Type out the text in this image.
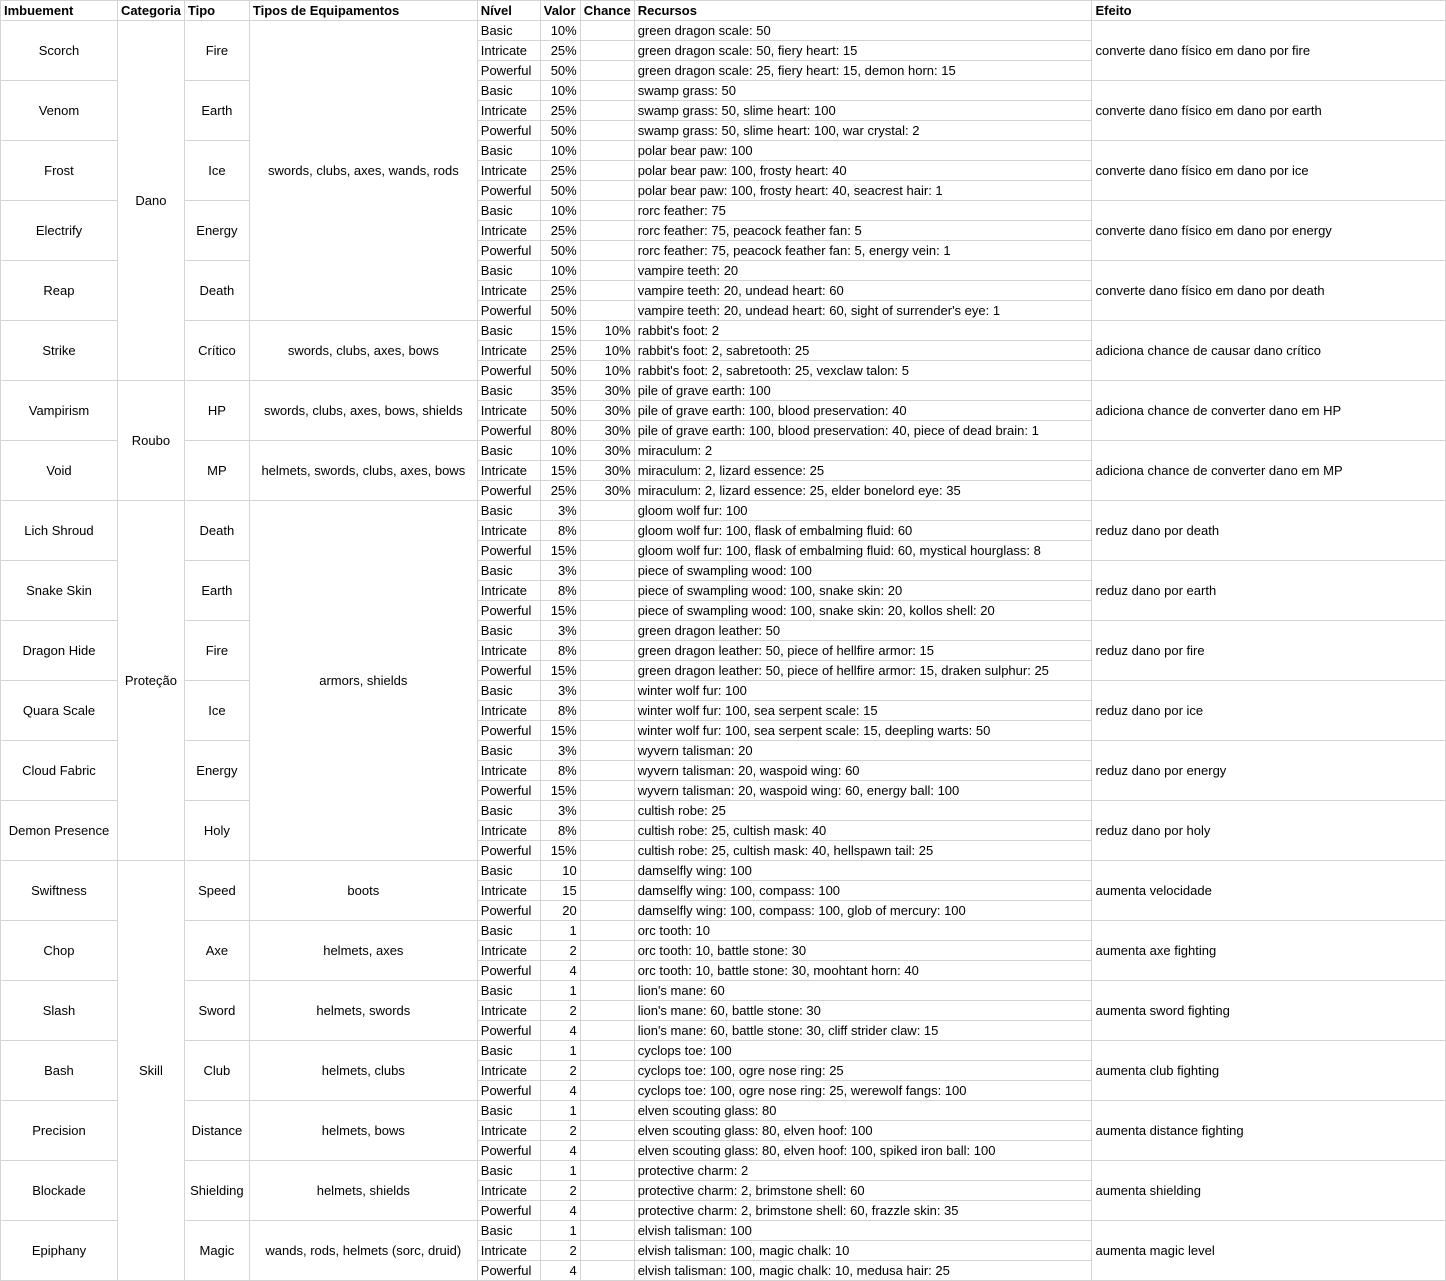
Imbuement	Categoria	Tipo	Tipos de Equipamentos	Nível	Valor	Chance	Recursos	Efeito
Scorch	Dano	Fire	swords, clubs, axes, wands, rods	Basic	10%		green dragon scale: 50	converte dano físico em dano por fire
				Intricate	25%		green dragon scale: 50, fiery heart: 15	
				Powerful	50%		green dragon scale: 25, fiery heart: 15, demon horn: 15	
Venom		Earth		Basic	10%		swamp grass: 50	converte dano físico em dano por earth
				Intricate	25%		swamp grass: 50, slime heart: 100	
				Powerful	50%		swamp grass: 50, slime heart: 100, war crystal: 2	
Frost		Ice		Basic	10%		polar bear paw: 100	converte dano físico em dano por ice
				Intricate	25%		polar bear paw: 100, frosty heart: 40	
				Powerful	50%		polar bear paw: 100, frosty heart: 40, seacrest hair: 1	
Electrify		Energy		Basic	10%		rorc feather: 75	converte dano físico em dano por energy
				Intricate	25%		rorc feather: 75, peacock feather fan: 5	
				Powerful	50%		rorc feather: 75, peacock feather fan: 5, energy vein: 1	
Reap		Death		Basic	10%		vampire teeth: 20	converte dano físico em dano por death
				Intricate	25%		vampire teeth: 20, undead heart: 60	
				Powerful	50%		vampire teeth: 20, undead heart: 60, sight of surrender's eye: 1	
Strike		Crítico	swords, clubs, axes, bows	Basic	15%	10%	rabbit's foot: 2	adiciona chance de causar dano crítico
				Intricate	25%	10%	rabbit's foot: 2, sabretooth: 25	
				Powerful	50%	10%	rabbit's foot: 2, sabretooth: 25, vexclaw talon: 5	
Vampirism	Roubo	HP	swords, clubs, axes, bows, shields	Basic	35%	30%	pile of grave earth: 100	adiciona chance de converter dano em HP
				Intricate	50%	30%	pile of grave earth: 100, blood preservation: 40	
				Powerful	80%	30%	pile of grave earth: 100, blood preservation: 40, piece of dead brain: 1	
Void		MP	helmets, swords, clubs, axes, bows	Basic	10%	30%	miraculum: 2	adiciona chance de converter dano em MP
				Intricate	15%	30%	miraculum: 2, lizard essence: 25	
				Powerful	25%	30%	miraculum: 2, lizard essence: 25, elder bonelord eye: 35	
Lich Shroud	Proteção	Death	armors, shields	Basic	3%		gloom wolf fur: 100	reduz dano por death
				Intricate	8%		gloom wolf fur: 100, flask of embalming fluid: 60	
				Powerful	15%		gloom wolf fur: 100, flask of embalming fluid: 60, mystical hourglass: 8	
Snake Skin		Earth		Basic	3%		piece of swampling wood: 100	reduz dano por earth
				Intricate	8%		piece of swampling wood: 100, snake skin: 20	
				Powerful	15%		piece of swampling wood: 100, snake skin: 20, kollos shell: 20	
Dragon Hide		Fire		Basic	3%		green dragon leather: 50	reduz dano por fire
				Intricate	8%		green dragon leather: 50, piece of hellfire armor: 15	
				Powerful	15%		green dragon leather: 50, piece of hellfire armor: 15, draken sulphur: 25	
Quara Scale		Ice		Basic	3%		winter wolf fur: 100	reduz dano por ice
				Intricate	8%		winter wolf fur: 100, sea serpent scale: 15	
				Powerful	15%		winter wolf fur: 100, sea serpent scale: 15, deepling warts: 50	
Cloud Fabric		Energy		Basic	3%		wyvern talisman: 20	reduz dano por energy
				Intricate	8%		wyvern talisman: 20, waspoid wing: 60	
				Powerful	15%		wyvern talisman: 20, waspoid wing: 60, energy ball: 100	
Demon Presence		Holy		Basic	3%		cultish robe: 25	reduz dano por holy
				Intricate	8%		cultish robe: 25, cultish mask: 40	
				Powerful	15%		cultish robe: 25, cultish mask: 40, hellspawn tail: 25	
Swiftness	Skill	Speed	boots	Basic	10		damselfly wing: 100	aumenta velocidade
				Intricate	15		damselfly wing: 100, compass: 100	
				Powerful	20		damselfly wing: 100, compass: 100, glob of mercury: 100	
Chop		Axe	helmets, axes	Basic	1		orc tooth: 10	aumenta axe fighting
				Intricate	2		orc tooth: 10, battle stone: 30	
				Powerful	4		orc tooth: 10, battle stone: 30, moohtant horn: 40	
Slash		Sword	helmets, swords	Basic	1		lion's mane: 60	aumenta sword fighting
				Intricate	2		lion's mane: 60, battle stone: 30	
				Powerful	4		lion's mane: 60, battle stone: 30, cliff strider claw: 15	
Bash		Club	helmets, clubs	Basic	1		cyclops toe: 100	aumenta club fighting
				Intricate	2		cyclops toe: 100, ogre nose ring: 25	
				Powerful	4		cyclops toe: 100, ogre nose ring: 25, werewolf fangs: 100	
Precision		Distance	helmets, bows	Basic	1		elven scouting glass: 80	aumenta distance fighting
				Intricate	2		elven scouting glass: 80, elven hoof: 100	
				Powerful	4		elven scouting glass: 80, elven hoof: 100, spiked iron ball: 100	
Blockade		Shielding	helmets, shields	Basic	1		protective charm: 2	aumenta shielding
				Intricate	2		protective charm: 2, brimstone shell: 60	
				Powerful	4		protective charm: 2, brimstone shell: 60, frazzle skin: 35	
Epiphany		Magic	wands, rods, helmets (sorc, druid)	Basic	1		elvish talisman: 100	aumenta magic level
				Intricate	2		elvish talisman: 100, magic chalk: 10	
				Powerful	4		elvish talisman: 100, magic chalk: 10, medusa hair: 25	
